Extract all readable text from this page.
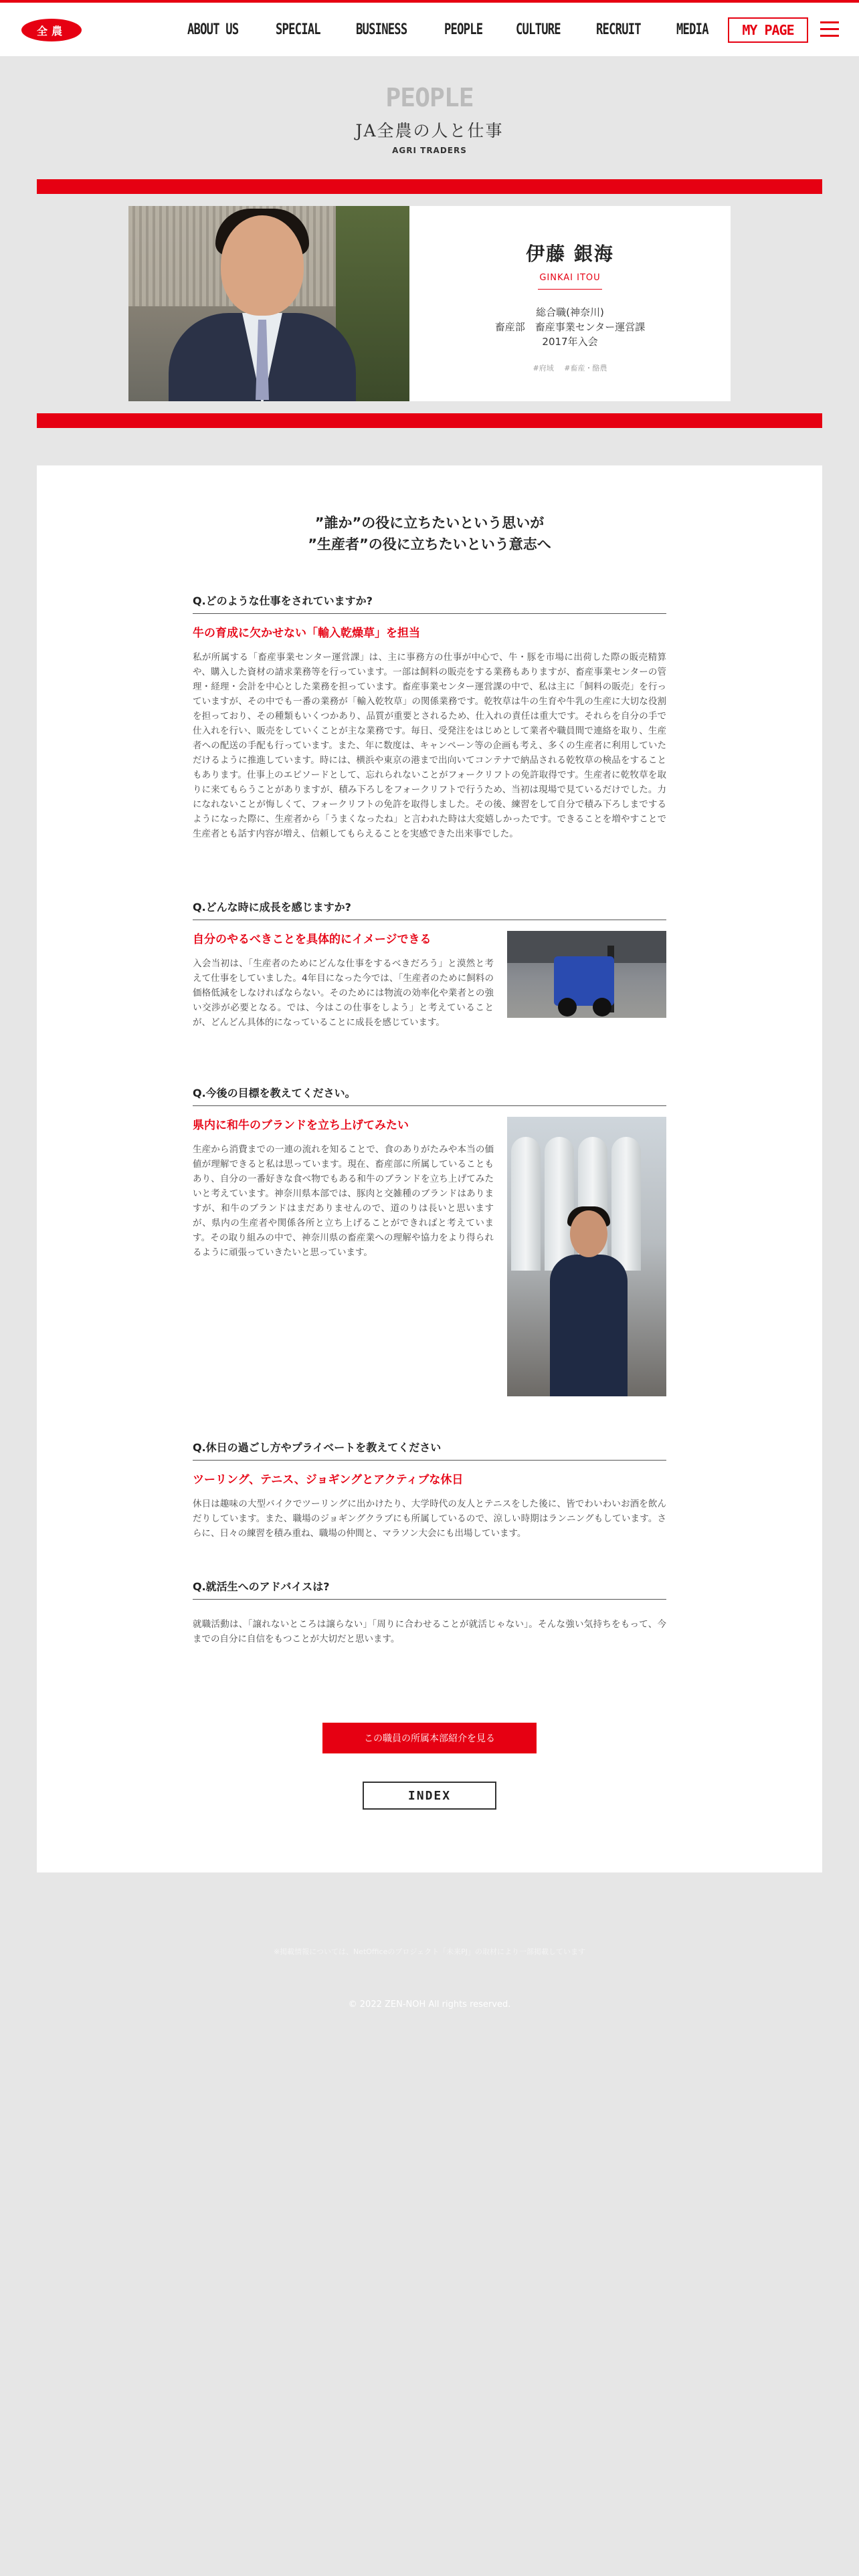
全農	ABOUT US	SPECIAL BUSINESS	PEOPLE CULTURE RECRUIT MEDIA	MY PAGE
PEOPLE
JA全農の人と仕事
AGRI TRADERS
伊藤 銀海
GINKAI ITOU
総合職(神奈川)
畜産部　畜産事業センター運営課
2017年入会
#府域 #畜産・酪農
”誰か”の役に立ちたいという思いが
”生産者”の役に立ちたいという意志へ
Q.どのような仕事をされていますか?
牛の育成に欠かせない「輸入乾燥草」を担当
私が所属する「畜産事業センター運営課」は、主に事務方の仕事が中心で、牛・豚を市場に出荷した際の販売精算や、購入した資材の請求業務等を行っています。一部は飼料の販売をする業務もありますが、畜産事業センターの管理・経理・会計を中心とした業務を担っています。畜産事業センター運営課の中で、私は主に「飼料の販売」を行っていますが、その中でも一番の業務が「輸入乾牧草」の関係業務です。乾牧草は牛の生育や牛乳の生産に大切な役割を担っており、その種類もいくつかあり、品質が重要とされるため、仕入れの責任は重大です。それらを自分の手で仕入れを行い、販売をしていくことが主な業務です。毎日、受発注をはじめとして業者や職員間で連絡を取り、生産者への配送の手配も行っています。また、年に数度は、キャンペーン等の企画も考え、多くの生産者に利用していただけるように推進しています。時には、横浜や東京の港まで出向いてコンテナで納品される乾牧草の検品をすることもあります。仕事上のエピソードとして、忘れられないことがフォークリフトの免許取得です。生産者に乾牧草を取りに来てもらうことがありますが、積み下ろしをフォークリフトで行うため、当初は現場で見ているだけでした。力になれないことが悔しくて、フォークリフトの免許を取得しました。その後、練習をして自分で積み下ろしまでするようになった際に、生産者から「うまくなったね」と言われた時は大変嬉しかったです。できることを増やすことで生産者とも話す内容が増え、信頼してもらえることを実感できた出来事でした。
Q.どんな時に成長を感じますか?
自分のやるべきことを具体的にイメージできる
入会当初は、「生産者のためにどんな仕事をするべきだろう」と漠然と考えて仕事をしていました。4年目になった今では、「生産者のために飼料の価格低減をしなければならない。そのためには物流の効率化や業者との強い交渉が必要となる。では、今はこの仕事をしよう」と考えていることが、どんどん具体的になっていることに成長を感じています。
Q.今後の目標を教えてください。
県内に和牛のブランドを立ち上げてみたい
生産から消費までの一連の流れを知ることで、食のありがたみや本当の価値が理解できると私は思っています。現在、畜産部に所属していることもあり、自分の一番好きな食べ物でもある和牛のブランドを立ち上げてみたいと考えています。神奈川県本部では、豚肉と交雑種のブランドはありますが、和牛のブランドはまだありませんので、道のりは長いと思いますが、県内の生産者や関係各所と立ち上げることができればと考えています。その取り組みの中で、神奈川県の畜産業への理解や協力をより得られるように頑張っていきたいと思っています。
Q.休日の過ごし方やプライベートを教えてください
ツーリング、テニス、ジョギングとアクティブな休日
休日は趣味の大型バイクでツーリングに出かけたり、大学時代の友人とテニスをした後に、皆でわいわいお酒を飲んだりしています。また、職場のジョギングクラブにも所属しているので、涼しい時期はランニングもしています。さらに、日々の練習を積み重ね、職場の仲間と、マラソン大会にも出場しています。
Q.就活生へのアドバイスは?
就職活動は、「譲れないところは譲らない」「周りに合わせることが就活じゃない」。そんな強い気持ちをもって、今までの自分に自信をもつことが大切だと思います。
この職員の所属本部紹介を見る
INDEX
※掲載情報については、NetOfficeのプロジェクト「未来PJ」の取材により一部掲載しています
© 2022 ZEN-NOH All rights reserved.
